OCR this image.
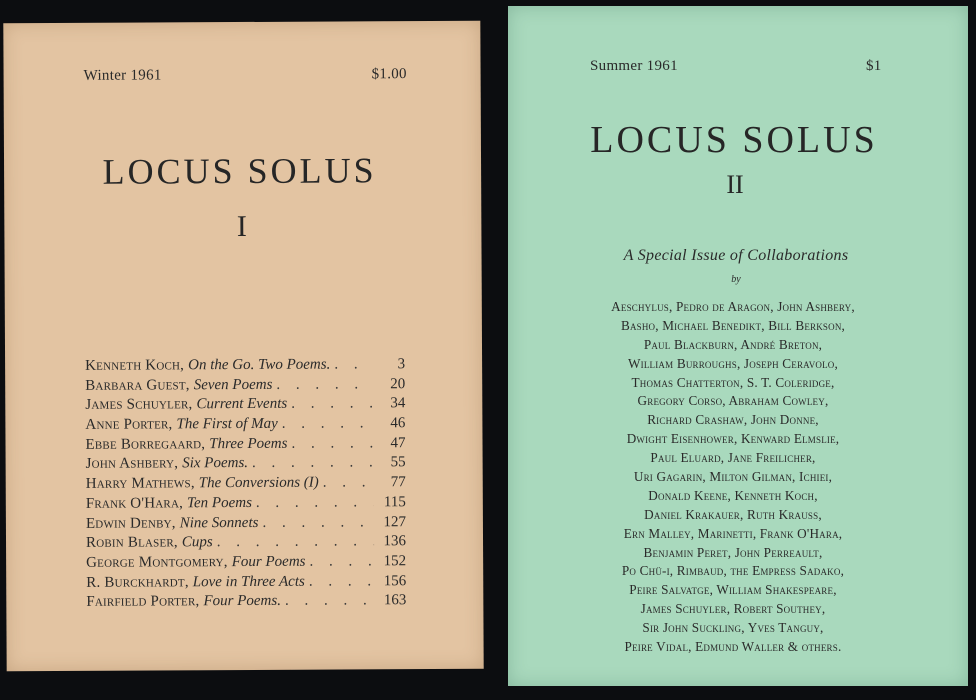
Winter 1961	$1.00
LOCUS SOLUS
I
Kenneth Koch, On the Go. Two Poems. . . .	3
Barbara Guest, Seven Poems . . .	20
James Schuyler, Current Events . . .	34
Anne Porter, The First of May . . .	46
Ebbe Borregaard, Three Poems . . .	47
John Ashbery, Six Poems. . . .	55
Harry Mathews, The Conversions (I) . . .	77
Frank O'Hara, Ten Poems . . .	115
Edwin Denby, Nine Sonnets . . .	127
Robin Blaser, Cups . . .	136
George Montgomery, Four Poems . . .	152
R. Burckhardt, Love in Three Acts . . .	156
Fairfield Porter, Four Poems. . . .	163
Summer 1961	$1
LOCUS SOLUS
II
A Special Issue of Collaborations
by
Aeschylus, Pedro de Aragon, John Ashbery,
Basho, Michael Benedikt, Bill Berkson,
Paul Blackburn, André Breton,
William Burroughs, Joseph Ceravolo,
Thomas Chatterton, S. T. Coleridge,
Gregory Corso, Abraham Cowley,
Richard Crashaw, John Donne,
Dwight Eisenhower, Kenward Elmslie,
Paul Eluard, Jane Freilicher,
Uri Gagarin, Milton Gilman, Ichiei,
Donald Keene, Kenneth Koch,
Daniel Krakauer, Ruth Krauss,
Ern Malley, Marinetti, Frank O'Hara,
Benjamin Peret, John Perreault,
Po Chü-i, Rimbaud, the Empress Sadako,
Peire Salvatge, William Shakespeare,
James Schuyler, Robert Southey,
Sir John Suckling, Yves Tanguy,
Peire Vidal, Edmund Waller & others.
